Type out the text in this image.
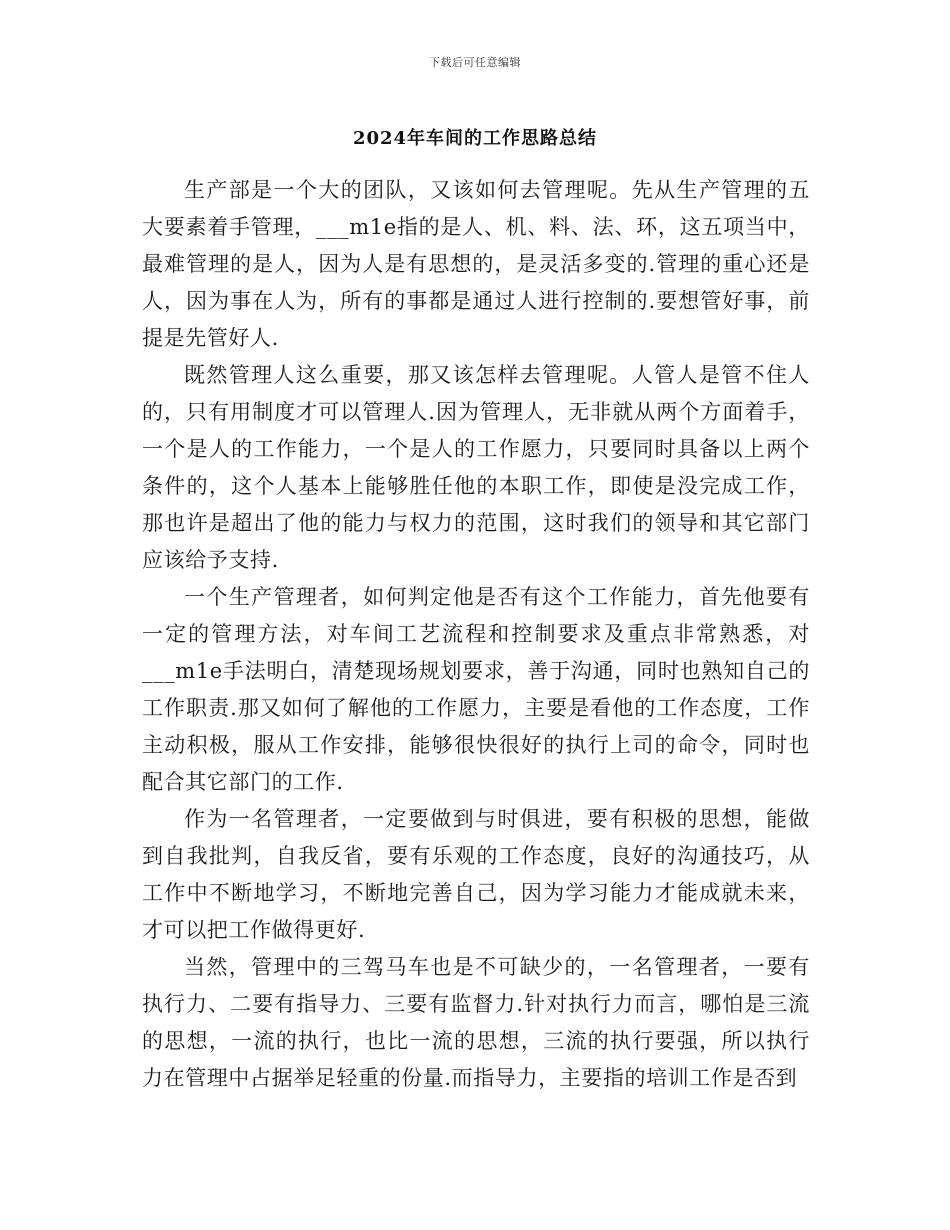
下载后可任意编辑
2024年车间的工作思路总结

生产部是一个大的团队，又该如何去管理呢。先从生产管理的五大要素着手管理，___m1e指的是人、机、料、法、环，这五项当中，最难管理的是人，因为人是有思想的，是灵活多变的.管理的重心还是人，因为事在人为，所有的事都是通过人进行控制的.要想管好事，前提是先管好人.

既然管理人这么重要，那又该怎样去管理呢。人管人是管不住人的，只有用制度才可以管理人.因为管理人，无非就从两个方面着手，一个是人的工作能力，一个是人的工作愿力，只要同时具备以上两个条件的，这个人基本上能够胜任他的本职工作，即使是没完成工作，那也许是超出了他的能力与权力的范围，这时我们的领导和其它部门应该给予支持.

一个生产管理者，如何判定他是否有这个工作能力，首先他要有一定的管理方法，对车间工艺流程和控制要求及重点非常熟悉，对___m1e手法明白，清楚现场规划要求，善于沟通，同时也熟知自己的工作职责.那又如何了解他的工作愿力，主要是看他的工作态度，工作主动积极，服从工作安排，能够很快很好的执行上司的命令，同时也配合其它部门的工作.

作为一名管理者，一定要做到与时俱进，要有积极的思想，能做到自我批判，自我反省，要有乐观的工作态度，良好的沟通技巧，从工作中不断地学习，不断地完善自己，因为学习能力才能成就未来，才可以把工作做得更好.

当然，管理中的三驾马车也是不可缺少的，一名管理者，一要有执行力、二要有指导力、三要有监督力.针对执行力而言，哪怕是三流的思想，一流的执行，也比一流的思想，三流的执行要强，所以执行力在管理中占据举足轻重的份量.而指导力，主要指的培训工作是否到
